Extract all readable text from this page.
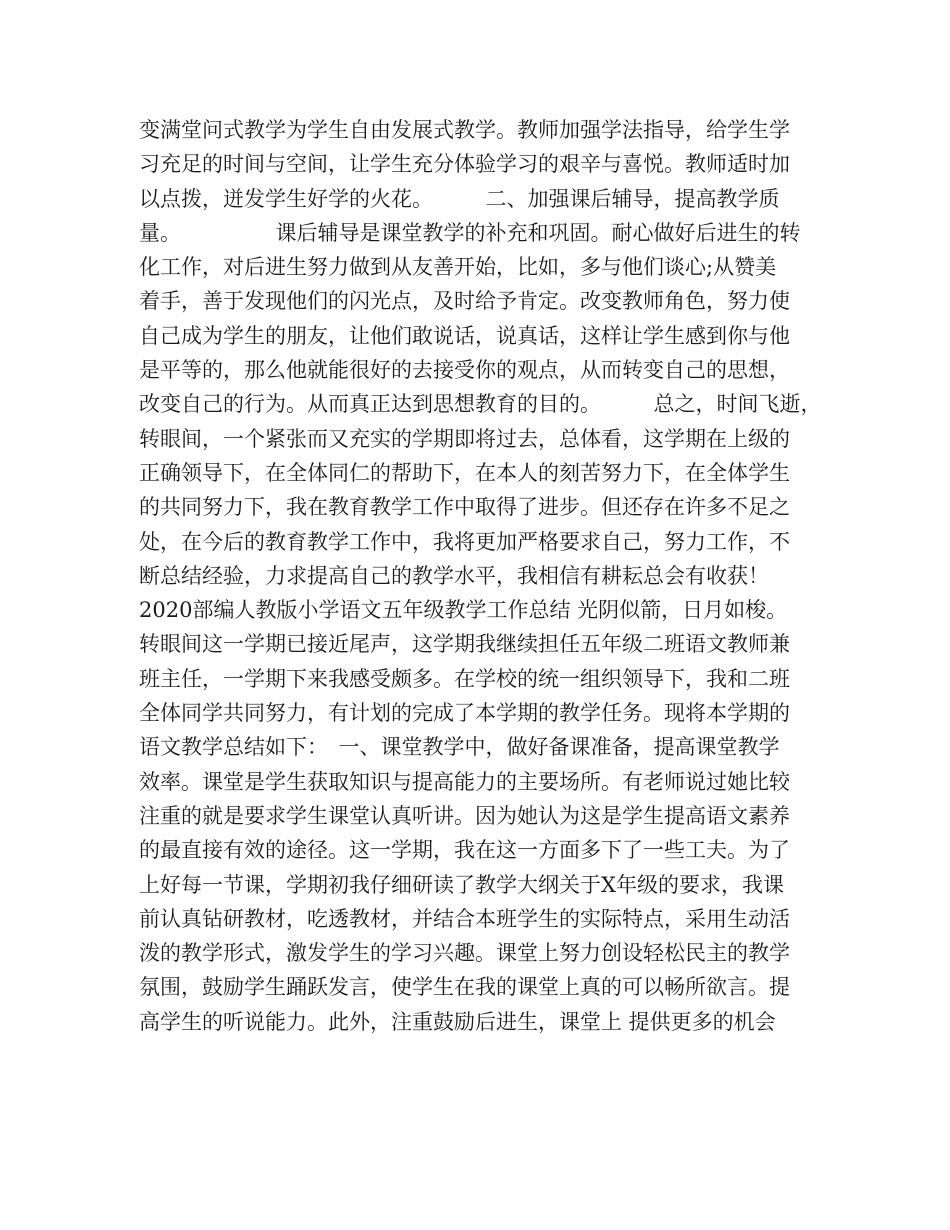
变满堂问式教学为学生自由发展式教学。教师加强学法指导，给学生学
习充足的时间与空间，让学生充分体验学习的艰辛与喜悦。教师适时加
以点拨，迸发学生好学的火花。　　　二、加强课后辅导，提高教学质
量。　　　　　课后辅导是课堂教学的补充和巩固。耐心做好后进生的转
化工作，对后进生努力做到从友善开始，比如，多与他们谈心;从赞美
着手，善于发现他们的闪光点，及时给予肯定。改变教师角色，努力使
自己成为学生的朋友，让他们敢说话，说真话，这样让学生感到你与他
是平等的，那么他就能很好的去接受你的观点，从而转变自己的思想，
改变自己的行为。从而真正达到思想教育的目的。　　　总之，时间飞逝，
转眼间，一个紧张而又充实的学期即将过去，总体看，这学期在上级的
正确领导下，在全体同仁的帮助下，在本人的刻苦努力下，在全体学生
的共同努力下，我在教育教学工作中取得了进步。但还存在许多不足之
处，在今后的教育教学工作中，我将更加严格要求自己，努力工作，不
断总结经验，力求提高自己的教学水平，我相信有耕耘总会有收获！
2020部编人教版小学语文五年级教学工作总结 光阴似箭，日月如梭。
转眼间这一学期已接近尾声，这学期我继续担任五年级二班语文教师兼
班主任，一学期下来我感受颇多。在学校的统一组织领导下，我和二班
全体同学共同努力，有计划的完成了本学期的教学任务。现将本学期的
语文教学总结如下：　一、课堂教学中，做好备课准备，提高课堂教学
效率。课堂是学生获取知识与提高能力的主要场所。有老师说过她比较
注重的就是要求学生课堂认真听讲。因为她认为这是学生提高语文素养
的最直接有效的途径。这一学期，我在这一方面多下了一些工夫。为了
上好每一节课，学期初我仔细研读了教学大纲关于X年级的要求，我课
前认真钻研教材，吃透教材，并结合本班学生的实际特点，采用生动活
泼的教学形式，激发学生的学习兴趣。课堂上努力创设轻松民主的教学
氛围，鼓励学生踊跃发言，使学生在我的课堂上真的可以畅所欲言。提
高学生的听说能力。此外，注重鼓励后进生，课堂上 提供更多的机会
